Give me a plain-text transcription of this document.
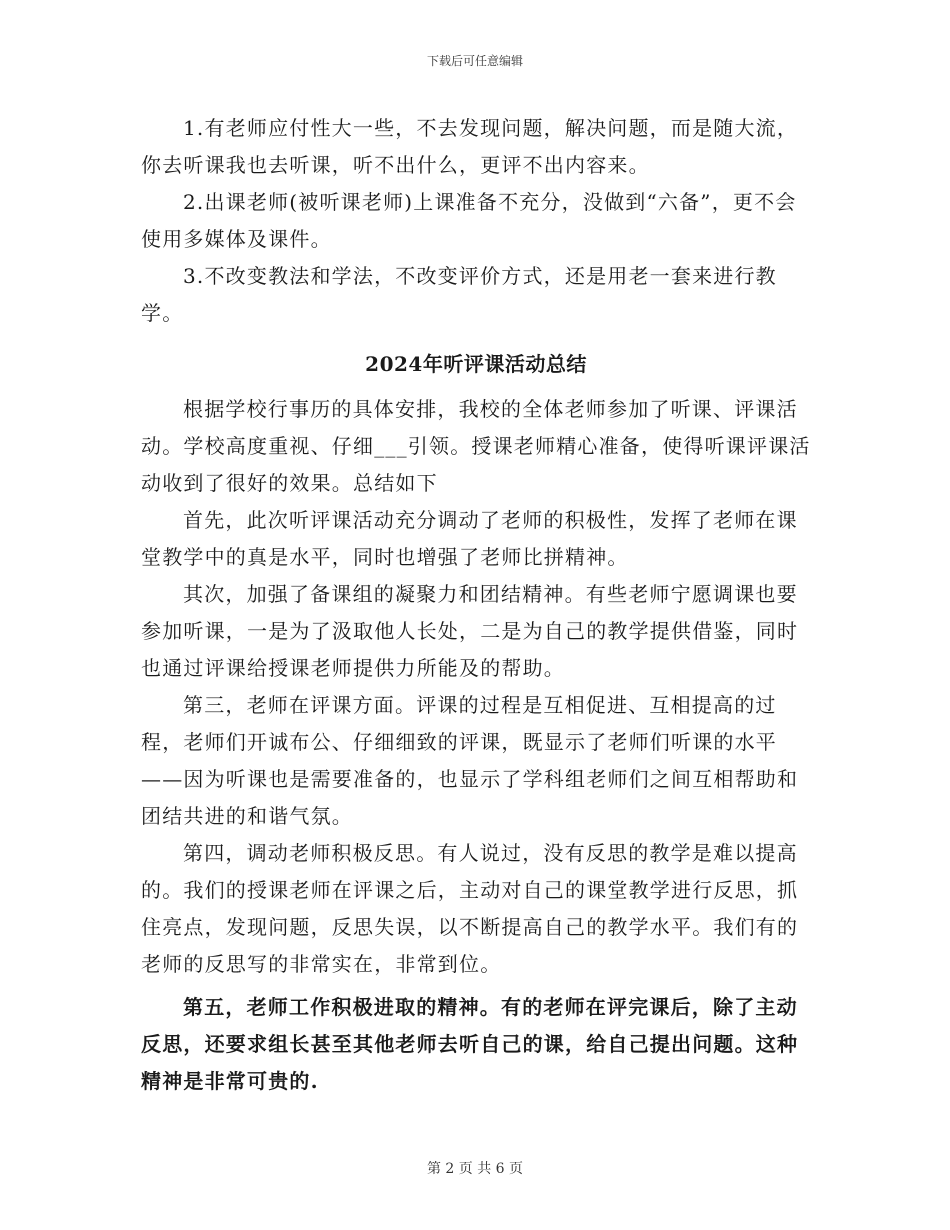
下载后可任意编辑

1.有老师应付性大一些，不去发现问题，解决问题，而是随大流，你去听课我也去听课，听不出什么，更评不出内容来。

2.出课老师(被听课老师)上课准备不充分，没做到“六备”，更不会使用多媒体及课件。

3.不改变教法和学法，不改变评价方式，还是用老一套来进行教学。

2024年听评课活动总结

根据学校行事历的具体安排，我校的全体老师参加了听课、评课活动。学校高度重视、仔细___引领。授课老师精心准备，使得听课评课活动收到了很好的效果。总结如下

首先，此次听评课活动充分调动了老师的积极性，发挥了老师在课堂教学中的真是水平，同时也增强了老师比拼精神。

其次，加强了备课组的凝聚力和团结精神。有些老师宁愿调课也要参加听课，一是为了汲取他人长处，二是为自己的教学提供借鉴，同时也通过评课给授课老师提供力所能及的帮助。

第三，老师在评课方面。评课的过程是互相促进、互相提高的过程，老师们开诚布公、仔细细致的评课，既显示了老师们听课的水平——因为听课也是需要准备的，也显示了学科组老师们之间互相帮助和团结共进的和谐气氛。

第四，调动老师积极反思。有人说过，没有反思的教学是难以提高的。我们的授课老师在评课之后，主动对自己的课堂教学进行反思，抓住亮点，发现问题，反思失误，以不断提高自己的教学水平。我们有的老师的反思写的非常实在，非常到位。

第五，老师工作积极进取的精神。有的老师在评完课后，除了主动反思，还要求组长甚至其他老师去听自己的课，给自己提出问题。这种精神是非常可贵的.

第 2 页 共 6 页
